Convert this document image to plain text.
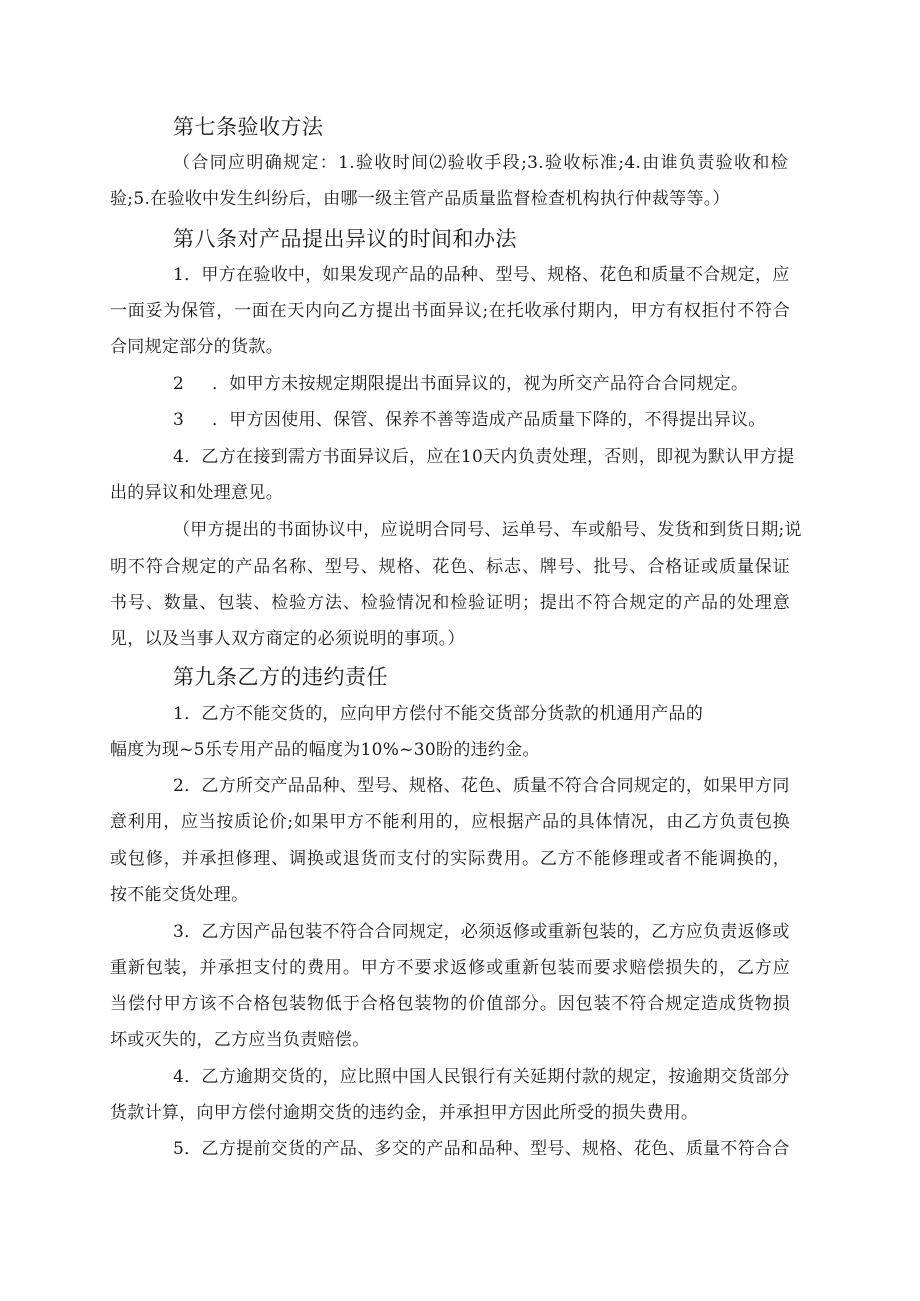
第七条验收方法
（合同应明确规定：1.验收时间⑵验收手段;3.验收标准;4.由谁负责验收和检
验;5.在验收中发生纠纷后，由哪一级主管产品质量监督检查机构执行仲裁等等。）
第八条对产品提出异议的时间和办法
1．甲方在验收中，如果发现产品的品种、型号、规格、花色和质量不合规定，应
一面妥为保管，一面在天内向乙方提出书面异议;在托收承付期内，甲方有权拒付不符合
合同规定部分的货款。
2 ．如甲方未按规定期限提出书面异议的，视为所交产品符合合同规定。
3 ．甲方因使用、保管、保养不善等造成产品质量下降的，不得提出异议。
4．乙方在接到需方书面异议后，应在10天内负责处理，否则，即视为默认甲方提
出的异议和处理意见。
（甲方提出的书面协议中，应说明合同号、运单号、车或船号、发货和到货日期;说
明不符合规定的产品名称、型号、规格、花色、标志、牌号、批号、合格证或质量保证
书号、数量、包装、检验方法、检验情况和检验证明；提出不符合规定的产品的处理意
见，以及当事人双方商定的必须说明的事项。）
第九条乙方的违约责任
1．乙方不能交货的，应向甲方偿付不能交货部分货款的机通用产品的
幅度为现~5乐专用产品的幅度为10%~30盼的违约金。
2．乙方所交产品品种、型号、规格、花色、质量不符合合同规定的，如果甲方同
意利用，应当按质论价;如果甲方不能利用的，应根据产品的具体情况，由乙方负责包换
或包修，并承担修理、调换或退货而支付的实际费用。乙方不能修理或者不能调换的，
按不能交货处理。
3．乙方因产品包装不符合合同规定，必须返修或重新包装的，乙方应负责返修或
重新包装，并承担支付的费用。甲方不要求返修或重新包装而要求赔偿损失的，乙方应
当偿付甲方该不合格包装物低于合格包装物的价值部分。因包装不符合规定造成货物损
坏或灭失的，乙方应当负责赔偿。
4．乙方逾期交货的，应比照中国人民银行有关延期付款的规定，按逾期交货部分
货款计算，向甲方偿付逾期交货的违约金，并承担甲方因此所受的损失费用。
5．乙方提前交货的产品、多交的产品和品种、型号、规格、花色、质量不符合合
